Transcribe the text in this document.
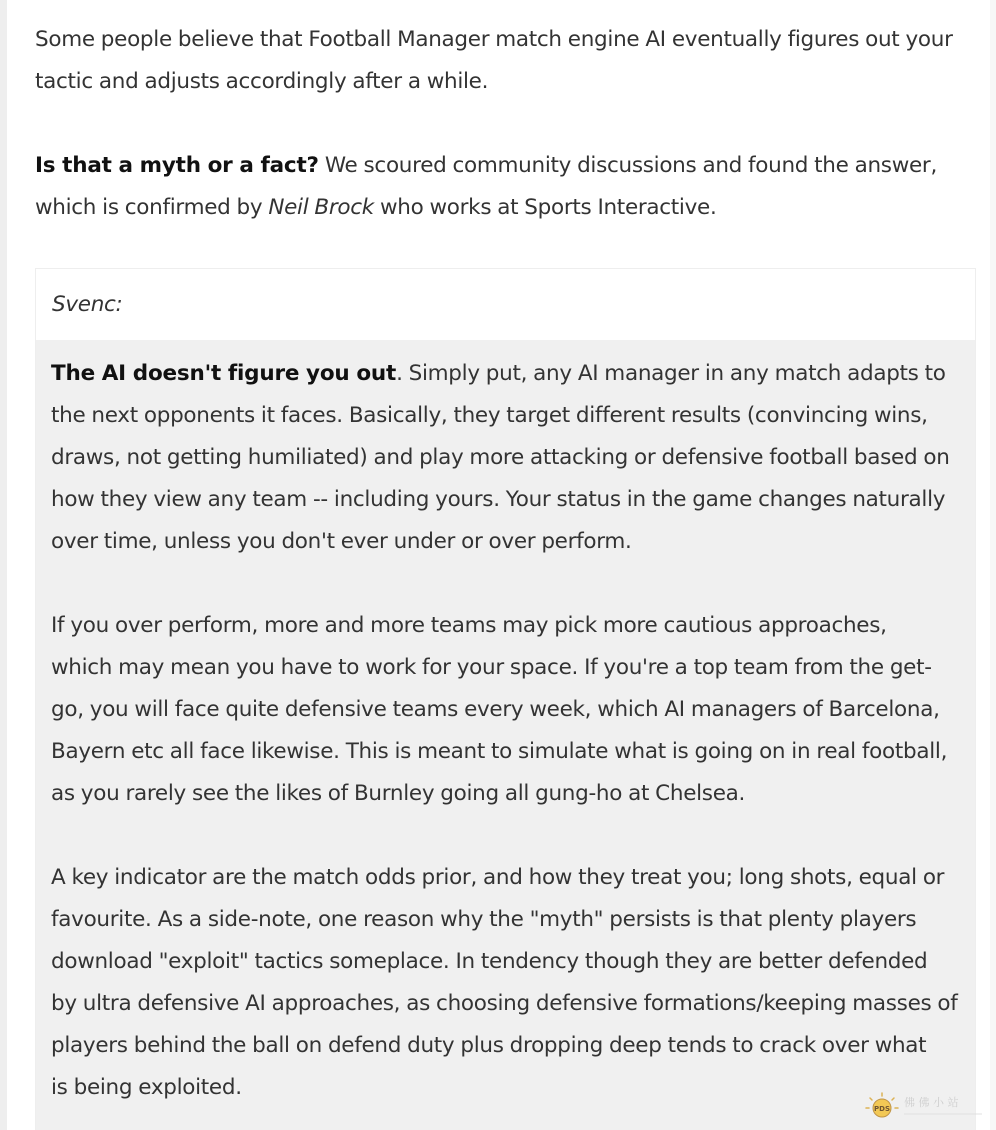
Some people believe that Football Manager match engine AI eventually figures out your
tactic and adjusts accordingly after a while.

Is that a myth or a fact? We scoured community discussions and found the answer,
which is confirmed by Neil Brock who works at Sports Interactive.

Svenc:

The AI doesn't figure you out. Simply put, any AI manager in any match adapts to
the next opponents it faces. Basically, they target different results (convincing wins,
draws, not getting humiliated) and play more attacking or defensive football based on
how they view any team -- including yours. Your status in the game changes naturally
over time, unless you don't ever under or over perform.

If you over perform, more and more teams may pick more cautious approaches,
which may mean you have to work for your space. If you're a top team from the get-
go, you will face quite defensive teams every week, which AI managers of Barcelona,
Bayern etc all face likewise. This is meant to simulate what is going on in real football,
as you rarely see the likes of Burnley going all gung-ho at Chelsea.

A key indicator are the match odds prior, and how they treat you; long shots, equal or
favourite. As a side-note, one reason why the "myth" persists is that plenty players
download "exploit" tactics someplace. In tendency though they are better defended
by ultra defensive AI approaches, as choosing defensive formations/keeping masses of
players behind the ball on defend duty plus dropping deep tends to crack over what
is being exploited.

PDS 佛 佛 小 站
